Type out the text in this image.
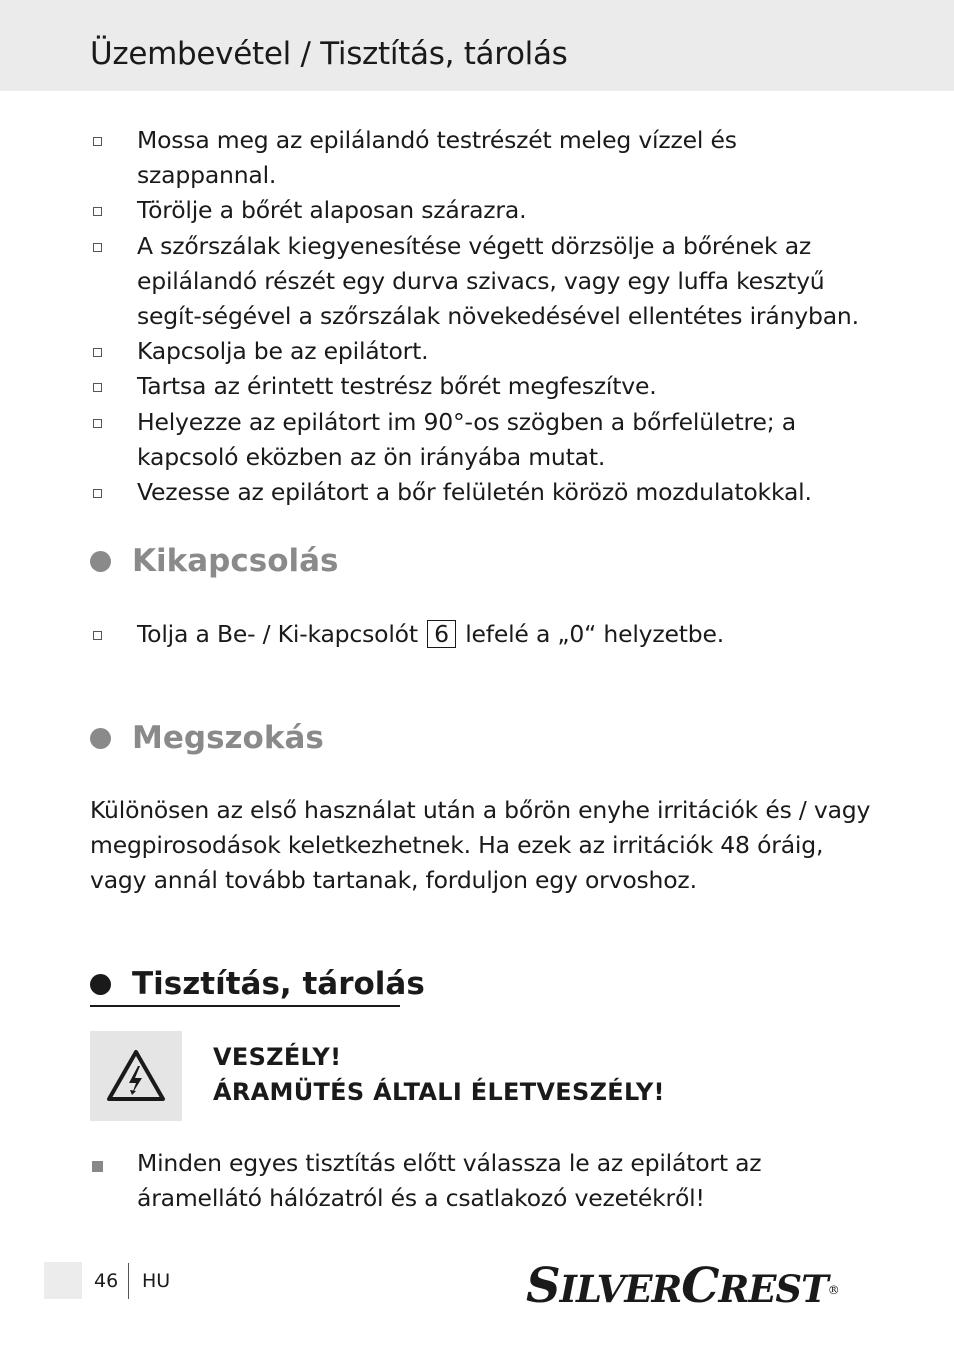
Üzembevétel / Tisztítás, tárolás
Mossa meg az epilálandó testrészét meleg vízzel és szappannal.
Törölje a bőrét alaposan szárazra.
A szőrszálak kiegyenesítése végett dörzsölje a bőrének az epilálandó részét egy durva szivacs, vagy egy luffa kesztyű segít-ségével a szőrszálak növekedésével ellentétes irányban.
Kapcsolja be az epilátort.
Tartsa az érintett testrész bőrét megfeszítve.
Helyezze az epilátort im 90°-os szögben a bőrfelületre; a kapcsoló eközben az ön irányába mutat.
Vezesse az epilátort a bőr felületén körözö mozdulatokkal.
Kikapcsolás
Tolja a Be- / Ki-kapcsolót 6 lefelé a „0“ helyzetbe.
Megszokás

Különösen az első használat után a bőrön enyhe irritációk és / vagy megpirosodások keletkezhetnek. Ha ezek az irritációk 48 óráig, vagy annál tovább tartanak, forduljon egy orvoshoz.

Tisztítás, tárolás
VESZÉLY!
ÁRAMÜTÉS ÁLTALI ÉLETVESZÉLY!
Minden egyes tisztítás előtt válassza le az epilátort az áramellátó hálózatról és a csatlakozó vezetékről!
46 HU	SILVERCREST®
